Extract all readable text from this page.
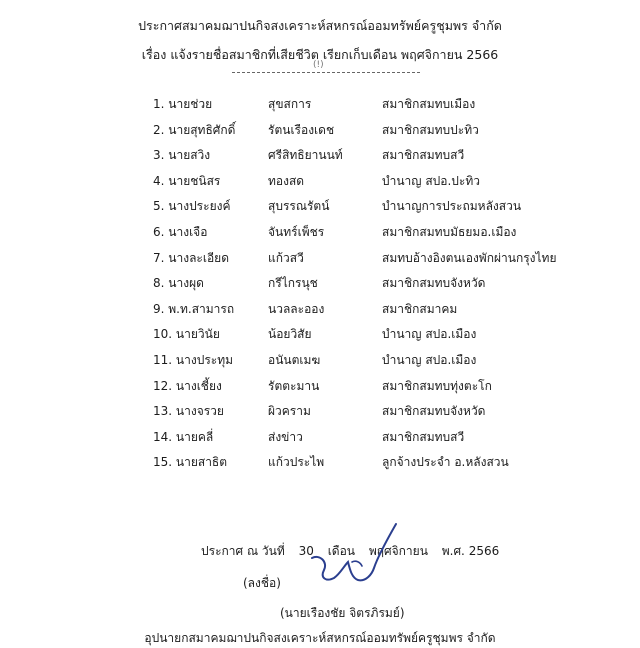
ประกาศสมาคมฌาปนกิจสงเคราะห์สหกรณ์ออมทรัพย์ครูชุมพร จำกัด
เรื่อง แจ้งรายชื่อสมาชิกที่เสียชีวิต เรียกเก็บเดือน พฤศจิกายน 2566
(!)
1. นายช่วย	สุขสการ	สมาชิกสมทบเมือง
2. นายสุทธิศักดิ์	รัตนเรืองเดช	สมาชิกสมทบปะทิว
3. นายสวิง	ศรีสิทธิยานนท์	สมาชิกสมทบสวี
4. นายชนิสร	ทองสด	บำนาญ สปอ.ปะทิว
5. นางประยงค์	สุบรรณรัตน์	บำนาญการประถมหลังสวน
6. นางเจือ	จันทร์เพ็ชร	สมาชิกสมทบมัธยมอ.เมือง
7. นางละเอียด	แก้วสวี	สมทบอ้างอิงตนเองพักผ่านกรุงไทย
8. นางผุด	กรีไกรนุช	สมาชิกสมทบจังหวัด
9. พ.ท.สามารถ	นวลละออง	สมาชิกสมาคม
10. นายวินัย	น้อยวิสัย	บำนาญ สปอ.เมือง
11. นางประทุม	อนันตเมฆ	บำนาญ สปอ.เมือง
12. นางเชี้ยง	รัตตะมาน	สมาชิกสมทบทุ่งตะโก
13. นางจรวย	ผิวคราม	สมาชิกสมทบจังหวัด
14. นายคลี่	ส่งข่าว	สมาชิกสมทบสวี
15. นายสาธิต	แก้วประไพ	ลูกจ้างประจำ อ.หลังสวน
ประกาศ ณ วันที่ 30 เดือน พฤศจิกายน พ.ศ. 2566
(ลงชื่อ)
(นายเรืองชัย จิตรภิรมย์)
อุปนายกสมาคมฌาปนกิจสงเคราะห์สหกรณ์ออมทรัพย์ครูชุมพร จำกัด
